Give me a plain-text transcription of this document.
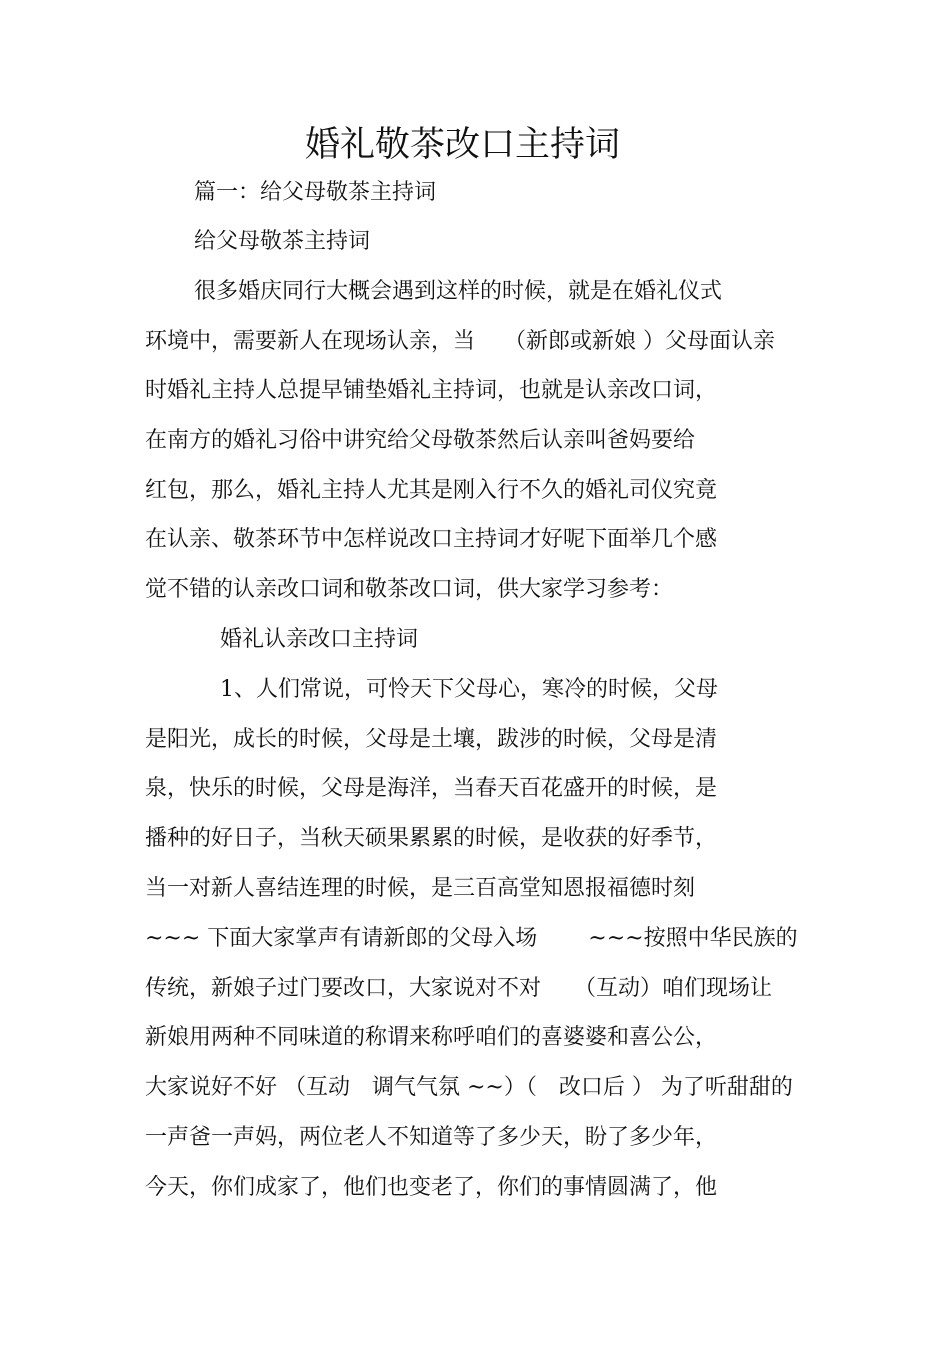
婚礼敬茶改口主持词
篇一：给父母敬茶主持词
给父母敬茶主持词
很多婚庆同行大概会遇到这样的时候，就是在婚礼仪式
环境中，需要新人在现场认亲，当　 （新郎或新娘 ）父母面认亲
时婚礼主持人总提早铺垫婚礼主持词，也就是认亲改口词，
在南方的婚礼习俗中讲究给父母敬茶然后认亲叫爸妈要给
红包，那么，婚礼主持人尤其是刚入行不久的婚礼司仪究竟
在认亲、敬茶环节中怎样说改口主持词才好呢下面举几个感
觉不错的认亲改口词和敬茶改口词，供大家学习参考：
婚礼认亲改口主持词
1、人们常说，可怜天下父母心，寒冷的时候，父母
是阳光，成长的时候，父母是土壤，跋涉的时候，父母是清
泉，快乐的时候，父母是海洋，当春天百花盛开的时候，是
播种的好日子，当秋天硕果累累的时候，是收获的好季节，
当一对新人喜结连理的时候，是三百高堂知恩报福德时刻
~~~ 下面大家掌声有请新郎的父母入场　　 ~~~按照中华民族的
传统，新娘子过门要改口，大家说对不对　　（互动）咱们现场让
新娘用两种不同味道的称谓来称呼咱们的喜婆婆和喜公公，
大家说好不好 （互动　调气气氛 ~~）（　改口后 ） 为了听甜甜的
一声爸一声妈，两位老人不知道等了多少天，盼了多少年，
今天，你们成家了，他们也变老了，你们的事情圆满了，他
